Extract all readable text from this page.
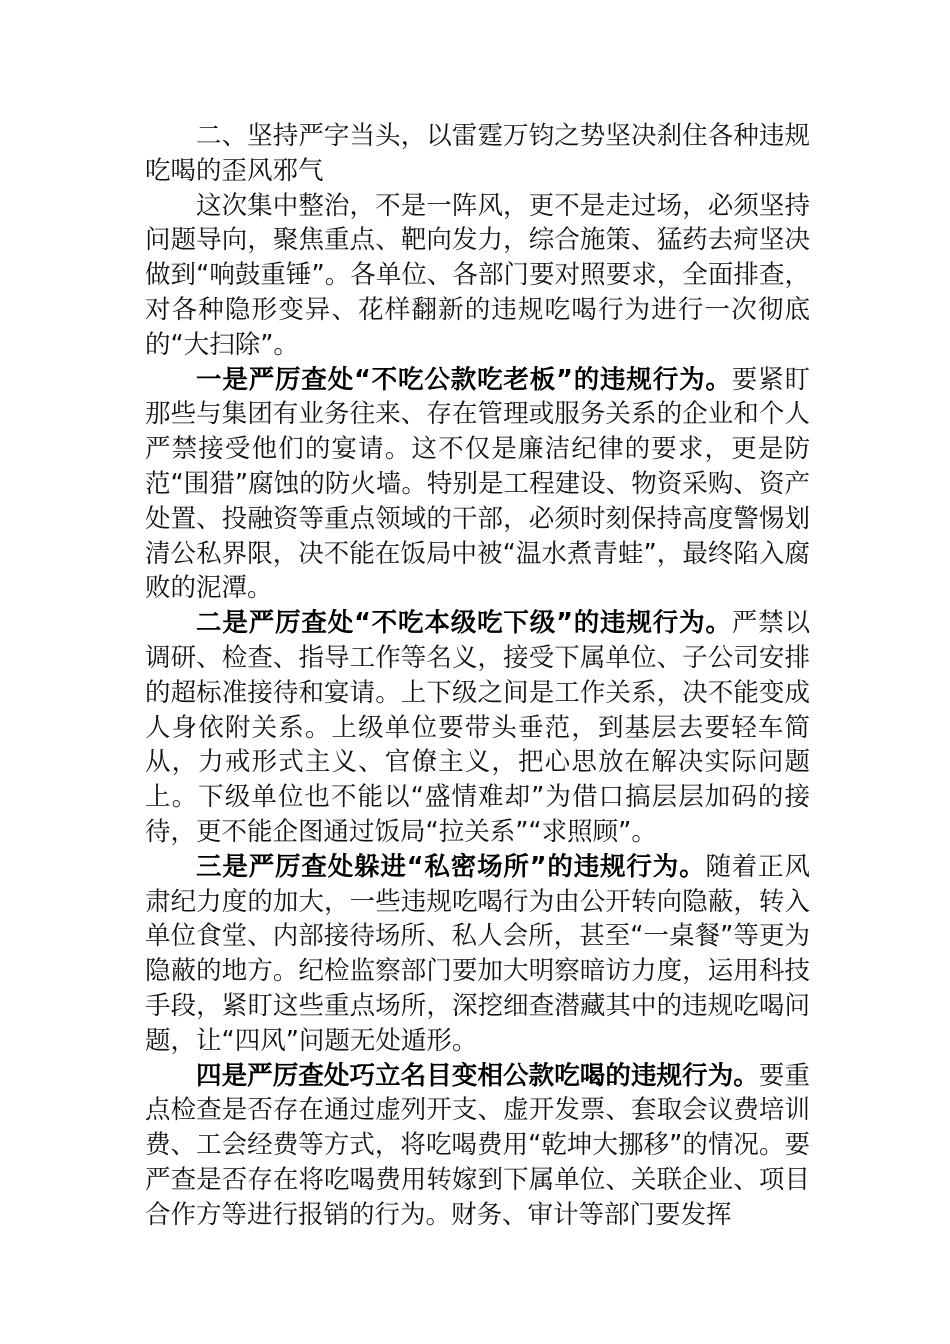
二、坚持严字当头，以雷霆万钧之势坚决刹住各种违规吃喝的歪风邪气

这次集中整治，不是一阵风，更不是走过场，必须坚持问题导向，聚焦重点、靶向发力，综合施策、猛药去疴坚决做到“响鼓重锤”。各单位、各部门要对照要求，全面排查，对各种隐形变异、花样翻新的违规吃喝行为进行一次彻底的“大扫除”。

一是严厉查处“不吃公款吃老板”的违规行为。要紧盯那些与集团有业务往来、存在管理或服务关系的企业和个人严禁接受他们的宴请。这不仅是廉洁纪律的要求，更是防范“围猎”腐蚀的防火墙。特别是工程建设、物资采购、资产处置、投融资等重点领域的干部，必须时刻保持高度警惕划清公私界限，决不能在饭局中被“温水煮青蛙”，最终陷入腐败的泥潭。

二是严厉查处“不吃本级吃下级”的违规行为。严禁以调研、检查、指导工作等名义，接受下属单位、子公司安排的超标准接待和宴请。上下级之间是工作关系，决不能变成人身依附关系。上级单位要带头垂范，到基层去要轻车简从，力戒形式主义、官僚主义，把心思放在解决实际问题上。下级单位也不能以“盛情难却”为借口搞层层加码的接待，更不能企图通过饭局“拉关系”“求照顾”。

三是严厉查处躲进“私密场所”的违规行为。随着正风肃纪力度的加大，一些违规吃喝行为由公开转向隐蔽，转入单位食堂、内部接待场所、私人会所，甚至“一桌餐”等更为隐蔽的地方。纪检监察部门要加大明察暗访力度，运用科技手段，紧盯这些重点场所，深挖细查潜藏其中的违规吃喝问题，让“四风”问题无处遁形。

四是严厉查处巧立名目变相公款吃喝的违规行为。要重点检查是否存在通过虚列开支、虚开发票、套取会议费培训费、工会经费等方式，将吃喝费用“乾坤大挪移”的情况。要严查是否存在将吃喝费用转嫁到下属单位、关联企业、项目合作方等进行报销的行为。财务、审计等部门要发挥
